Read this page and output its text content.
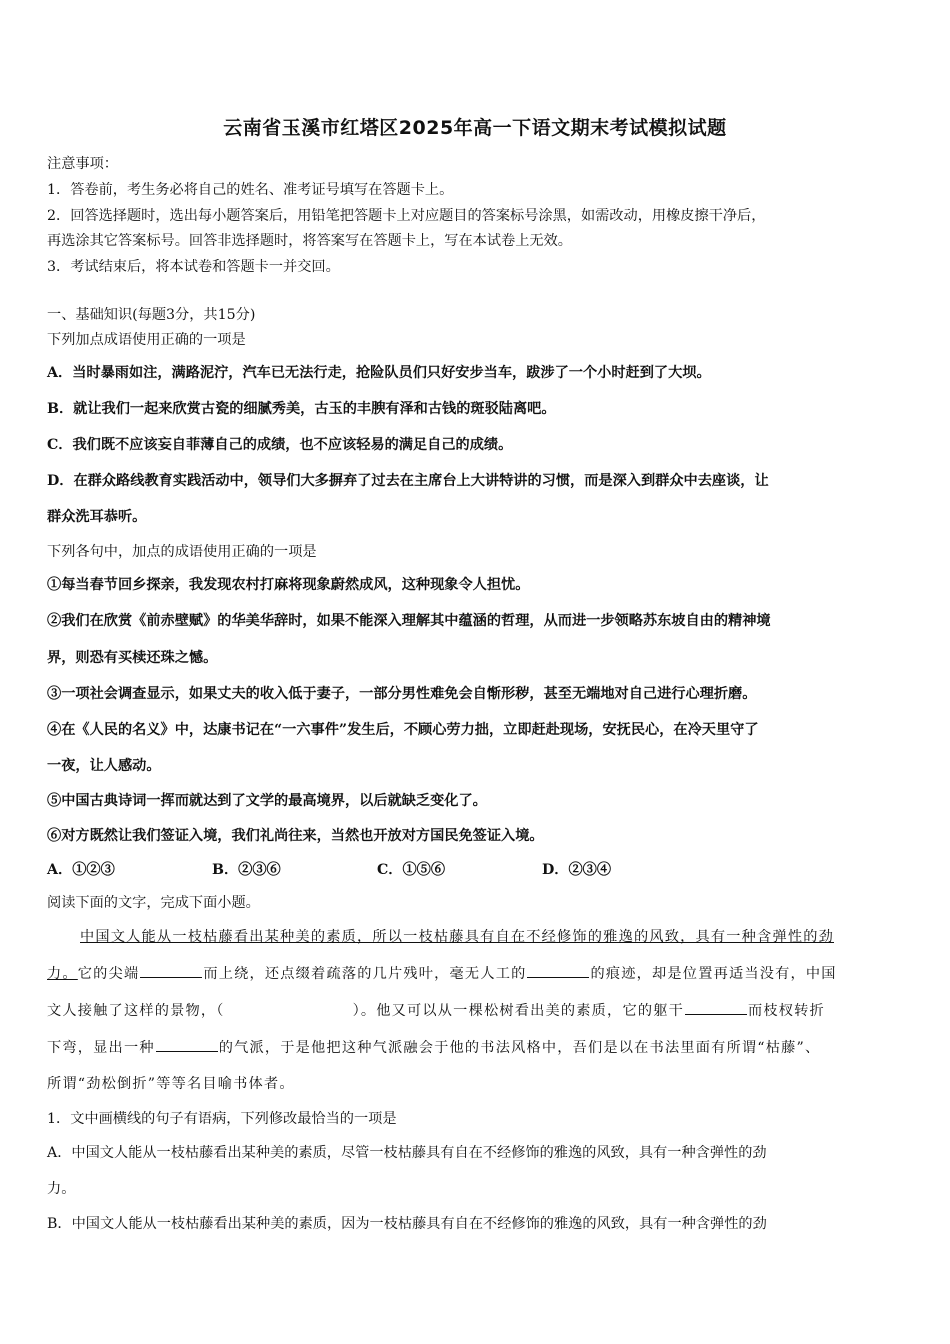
云南省玉溪市红塔区2025年高一下语文期末考试模拟试题
注意事项：
1．答卷前，考生务必将自己的姓名、准考证号填写在答题卡上。
2．回答选择题时，选出每小题答案后，用铅笔把答题卡上对应题目的答案标号涂黑，如需改动，用橡皮擦干净后，
再选涂其它答案标号。回答非选择题时，将答案写在答题卡上，写在本试卷上无效。
3．考试结束后，将本试卷和答题卡一并交回。
一、基础知识(每题3分，共15分)
下列加点成语使用正确的一项是
A．当时暴雨如注，满路泥泞，汽车已无法行走，抢险队员们只好安步当车，跋涉了一个小时赶到了大坝。
B．就让我们一起来欣赏古瓷的细腻秀美，古玉的丰腴有泽和古钱的斑驳陆离吧。
C．我们既不应该妄自菲薄自己的成绩，也不应该轻易的满足自己的成绩。
D．在群众路线教育实践活动中，领导们大多摒弃了过去在主席台上大讲特讲的习惯，而是深入到群众中去座谈，让
群众洗耳恭听。
下列各句中，加点的成语使用正确的一项是
①每当春节回乡探亲，我发现农村打麻将现象蔚然成风，这种现象令人担忧。
②我们在欣赏《前赤壁赋》的华美华辞时，如果不能深入理解其中蕴涵的哲理，从而进一步领略苏东坡自由的精神境
界，则恐有买椟还珠之憾。
③一项社会调查显示，如果丈夫的收入低于妻子，一部分男性难免会自惭形秽，甚至无端地对自己进行心理折磨。
④在《人民的名义》中，达康书记在“一六事件”发生后，不顾心劳力拙，立即赶赴现场，安抚民心，在冷天里守了
一夜，让人感动。
⑤中国古典诗词一挥而就达到了文学的最高境界，以后就缺乏变化了。
⑥对方既然让我们签证入境，我们礼尚往来，当然也开放对方国民免签证入境。
A．①②③	B．②③⑥	C．①⑤⑥	D．②③④
阅读下面的文字，完成下面小题。
中国文人能从一枝枯藤看出某种美的素质，所以一枝枯藤具有自在不经修饰的雅逸的风致，具有一种含弹性的劲
力。它的尖端	而上绕，还点缀着疏落的几片残叶，毫无人工的	的痕迹，却是位置再适当没有，中国
文人接触了这样的景物，（	）。他又可以从一棵松树看出美的素质，它的躯干	而枝杈转折
下弯，显出一种	的气派，于是他把这种气派融会于他的书法风格中，吾们是以在书法里面有所谓“枯藤”、
所谓“劲松倒折”等等名目喻书体者。
1．文中画横线的句子有语病，下列修改最恰当的一项是
A．中国文人能从一枝枯藤看出某种美的素质，尽管一枝枯藤具有自在不经修饰的雅逸的风致，具有一种含弹性的劲
力。
B．中国文人能从一枝枯藤看出某种美的素质，因为一枝枯藤具有自在不经修饰的雅逸的风致，具有一种含弹性的劲
